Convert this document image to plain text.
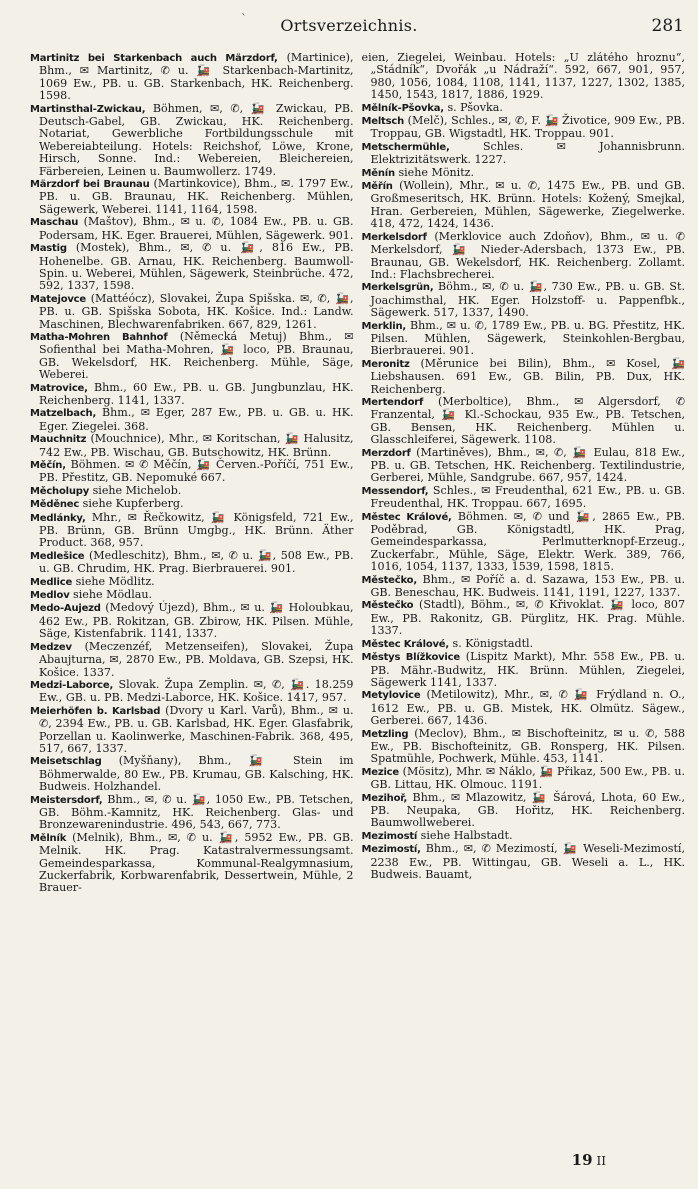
`	Ortsverzeichnis.	281

Martinitz bei Starkenbach auch Märzdorf, (Martinice), Bhm., ✉ Martinitz, ✆ u. 🚂 Starkenbach-Martinitz, 1069 Ew., PB. u. GB. Starkenbach, HK. Reichenberg. 1598.

Martinsthal-Zwickau, Böhmen, ✉, ✆, 🚂 Zwickau, PB. Deutsch-Gabel, GB. Zwickau, HK. Reichenberg. Notariat, Gewerbliche Fortbildungsschule mit Webereiabteilung. Hotels: Reichshof, Löwe, Krone, Hirsch, Sonne. Ind.: Webereien, Bleichereien, Färbereien, Leinen u. Baumwollerz. 1749.

Märzdorf bei Braunau (Martinkovice), Bhm., ✉. 1797 Ew., PB. u. GB. Braunau, HK. Reichenberg. Mühlen, Sägewerk, Weberei. 1141, 1164, 1598.

Maschau (Maštov), Bhm., ✉ u. ✆, 1084 Ew., PB. u. GB. Podersam, HK. Eger. Brauerei, Mühlen, Sägewerk. 901.

Mastig (Mostek), Bhm., ✉, ✆ u. 🚂, 816 Ew., PB. Hohenelbe. GB. Arnau, HK. Reichenberg. Baumwoll-Spin. u. Weberei, Mühlen, Sägewerk, Steinbrüche. 472, 592, 1337, 1598.

Matejovce (Mattéócz), Slovakei, Župa Spišska. ✉, ✆, 🚂, PB. u. GB. Spišska Sobota, HK. Košice. Ind.: Landw. Maschinen, Blechwarenfabriken. 667, 829, 1261.

Matha-Mohren Bahnhof (Německá Metuj) Bhm., ✉ Sofienthal bei Matha-Mohren, 🚂 loco, PB. Braunau, GB. Wekelsdorf, HK. Reichenberg. Mühle, Säge, Weberei.

Matrovice, Bhm., 60 Ew., PB. u. GB. Jungbunzlau, HK. Reichenberg. 1141, 1337.

Matzelbach, Bhm., ✉ Eger, 287 Ew., PB. u. GB. u. HK. Eger. Ziegelei. 368.

Mauchnitz (Mouchnice), Mhr., ✉ Koritschan, 🚂 Halusitz, 742 Ew., PB. Wischau, GB. Butschowitz, HK. Brünn.

Měčín, Böhmen. ✉ ✆ Měčín, 🚂 Červen.-Poříčí, 751 Ew., PB. Přestitz, GB. Nepomuké 667.

Měcholupy siehe Michelob.

Měděnec siehe Kupferberg.

Medlánky, Mhr., ✉ Řečkowitz, 🚂 Königsfeld, 721 Ew., PB. Brünn, GB. Brünn Umgbg., HK. Brünn. Äther Product. 368, 957.

Medlešice (Medleschitz), Bhm., ✉, ✆ u. 🚂, 508 Ew., PB. u. GB. Chrudim, HK. Prag. Bierbrauerei. 901.

Medlice siehe Mödlitz.

Medlov siehe Mödlau.

Medo-Aujezd (Medový Újezd), Bhm., ✉ u. 🚂 Holoubkau, 462 Ew., PB. Rokitzan, GB. Zbirow, HK. Pilsen. Mühle, Säge, Kistenfabrik. 1141, 1337.

Medzev (Meczenzéf, Metzenseifen), Slovakei, Župa Abaujturna, ✉, 2870 Ew., PB. Moldava, GB. Szepsi, HK. Košice. 1337.

Medzi-Laborce, Slovak. Župa Zemplin. ✉, ✆, 🚂. 18.259 Ew., GB. u. PB. Medzi-Laborce, HK. Košice. 1417, 957.

Meierhöfen b. Karlsbad (Dvory u Karl. Varů), Bhm., ✉ u. ✆, 2394 Ew., PB. u. GB. Karlsbad, HK. Eger. Glasfabrik, Porzellan u. Kaolinwerke, Maschinen-Fabrik. 368, 495, 517, 667, 1337.

Meisetschlag (Myšňany), Bhm., 🚂 Stein im Böhmerwalde, 80 Ew., PB. Krumau, GB. Kalsching, HK. Budweis. Holzhandel.

Meistersdorf, Bhm., ✉, ✆ u. 🚂, 1050 Ew., PB. Tetschen, GB. Böhm.-Kamnitz, HK. Reichenberg. Glas- und Bronzewarenindustrie. 496, 543, 667, 773.

Mělník (Melnik), Bhm., ✉, ✆ u. 🚂, 5952 Ew., PB. GB. Melnik. HK. Prag. Katastralvermessungsamt. Gemeindesparkassa, Kommunal-Realgymnasium, Zuckerfabrik, Korbwarenfabrik, Dessertwein, Mühle, 2 Brauer-

eien, Ziegelei, Weinbau. Hotels: „U zlátého hroznu“, „Stádník“, Dvořák „u Nádraží“. 592, 667, 901, 957, 980, 1056, 1084, 1108, 1141, 1137, 1227, 1302, 1385, 1450, 1543, 1817, 1886, 1929.

Mělník-Pšovka, s. Pšovka.

Meltsch (Melč), Schles., ✉, ✆, F. 🚂 Životice, 909 Ew., PB. Troppau, GB. Wigstadtl, HK. Troppau. 901.

Metschermühle,	Schles. ✉ Johannisbrunn. Elektrizitätswerk. 1227.

Měnín siehe Mönitz.

Měřín (Wollein), Mhr., ✉ u. ✆, 1475 Ew., PB. und GB. Großmeseritsch, HK. Brünn. Hotels: Kožený, Smejkal, Hran. Gerbereien, Mühlen, Sägewerke, Ziegelwerke. 418, 472, 1424, 1436.

Merkelsdorf (Merklovice auch Zdoňov), Bhm., ✉ u. ✆ Merkelsdorf, 🚂 Nieder-Adersbach, 1373 Ew., PB. Braunau, GB. Wekelsdorf, HK. Reichenberg. Zollamt. Ind.: Flachsbrecherei.

Merkelsgrün, Böhm., ✉, ✆ u. 🚂, 730 Ew., PB. u. GB. St. Joachimsthal, HK. Eger. Holzstoff- u. Pappenfbk., Sägewerk. 517, 1337, 1490.

Merklin, Bhm., ✉ u. ✆, 1789 Ew., PB. u. BG. Přestitz, HK. Pilsen. Mühlen, Sägewerk, Steinkohlen-Bergbau, Bierbrauerei. 901.

Meronitz (Měrunice bei Bilin), Bhm., ✉ Kosel, 🚂 Liebshausen. 691 Ew., GB. Bilin, PB. Dux, HK. Reichenberg.

Mertendorf (Merboltice), Bhm., ✉ Algersdorf, ✆ Franzental, 🚂 Kl.-Schockau, 935 Ew., PB. Tetschen, GB. Bensen, HK. Reichenberg. Mühlen u. Glasschleiferei, Sägewerk. 1108.

Merzdorf (Martiněves), Bhm., ✉, ✆, 🚂 Eulau, 818 Ew., PB. u. GB. Tetschen, HK. Reichenberg. Textilindustrie, Gerberei, Mühle, Sandgrube. 667, 957, 1424.

Messendorf, Schles., ✉ Freudenthal, 621 Ew., PB. u. GB. Freudenthal, HK. Troppau. 667, 1695.

Městec Králové, Böhmen. ✉, ✆ und 🚂, 2865 Ew., PB. Poděbrad, GB. Königstadtl, HK. Prag, Gemeindesparkassa, Perlmutterknopf-Erzeug., Zuckerfabr., Mühle, Säge, Elektr. Werk. 389, 766, 1016, 1054, 1137, 1333, 1539, 1598, 1815.

Městečko, Bhm., ✉ Poříč a. d. Sazawa, 153 Ew., PB. u. GB. Beneschau, HK. Budweis. 1141, 1191, 1227, 1337.

Městečko (Stadtl), Böhm., ✉, ✆ Křivoklat. 🚂 loco, 807 Ew., PB. Rakonitz, GB. Pürglitz, HK. Prag. Mühle. 1337.

Městec Králové, s. Königstadtl.

Městys Blížkovice (Lispitz Markt), Mhr. 558 Ew., PB. u. PB. Mähr.-Budwitz, HK. Brünn. Mühlen, Ziegelei, Sägewerk 1141, 1337.

Metylovice (Metilowitz), Mhr., ✉, ✆ 🚂 Frýdland n. O., 1612 Ew., PB. u. GB. Mistek, HK. Olmütz. Sägew., Gerberei. 667, 1436.

Metzling (Meclov), Bhm., ✉ Bischofteinitz, ✉ u. ✆, 588 Ew., PB. Bischofteinitz, GB. Ronsperg, HK. Pilsen. Spatmühle, Pochwerk, Mühle. 453, 1141.

Mezice (Mösitz), Mhr. ✉ Náklo, 🚂 Přikaz, 500 Ew., PB. u. GB. Littau, HK. Olmouc. 1191.

Mezihoř, Bhm., ✉ Mlazowitz, 🚂 Šárová, Lhota, 60 Ew., PB. Neupaka, GB. Hořitz, HK. Reichenberg. Baumwollweberei.

Mezimostí siehe Halbstadt.

Mezimostí, Bhm., ✉, ✆ Mezimostí, 🚂 Weseli-Mezimostí, 2238 Ew., PB. Wittingau, GB. Weseli a. L., HK. Budweis. Bauamt,

19 II
